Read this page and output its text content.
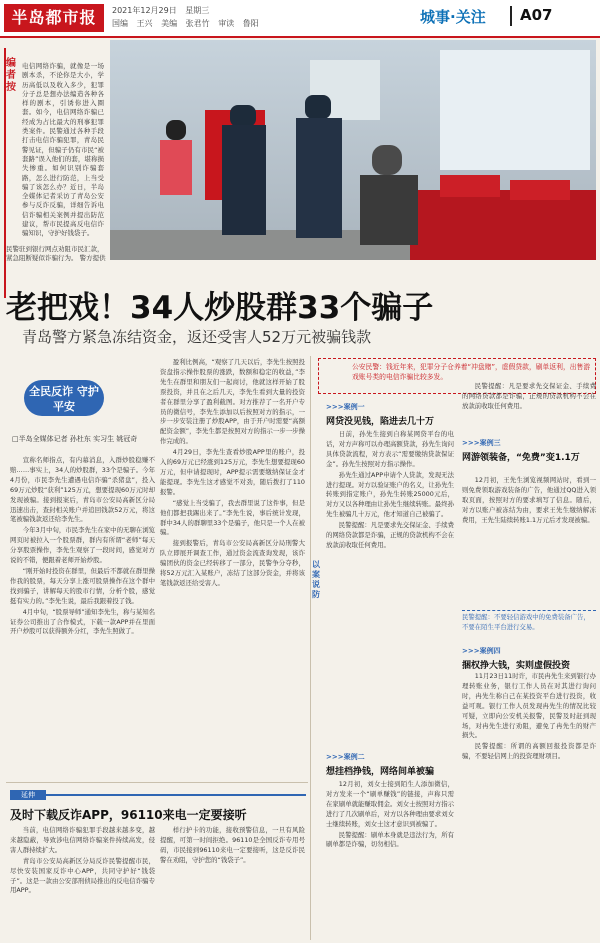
半岛都市报	2021年12月29日 星期三
国编 王兴 美编 张君竹 审读 鲁阳	城事·关注 A07
编者按
电信网络诈骗，就像是一场剧本杀，不论你是大小，学历高低以及收入多少，犯罪分子总是想办法编造各种各样的剧本，引诱你进入圈套。如今，电信网络诈骗已经成为占比最大的刑事犯罪类案件。民警通过各种手段打击电信诈骗犯罪，青岛民警见证，但骗子仍有市民“被套路”误入他们的套，堪称损失惨重。如何识别诈骗套路，怎么进行防范，上当受骗了该怎么办？近日，半岛全媒体记者采访了青岛公安参与反诈反骗，详细告诉电信诈骗相关案例并提出防范建议，帮市民提高反电信诈骗知识，守护好钱袋子。
民警驻到银行网点劝阻市民汇款，紧急阻断疑似诈骗行为。 警方提供
老把戏！34人炒股群33个骗子
青岛警方紧急冻结资金，返还受害人52万元被骗钱款
全民反诈 守护平安
□半岛全媒体记者 孙杜东 实习生 姚冠奇

宣称名师指点，有内幕消息，入群炒股稳赚不赔……事实上，34人的炒股群，33个是骗子。今年4月份，市民李先生遭遇电信诈骗“杀猪盘”，投入69万元炒股“获利”125万元，想要提现60万元时却发现被骗。接到报案后，青岛市公安局高新区分局迅速出击，查封相关账户并追回钱款52万元，将这笔被骗钱款返还给李先生。

今年3月中旬，市民李先生在家中的无聊在浏览网页时被拉入一个股票群，群内有所谓“老师”每天分享股票操作，李先生观察了一段时间，感觉对方说的不错，便跟着老师开始炒股。

“刚开始时投资在群里，但最后不都就在群里操作我的股票，每天分享上涨可股票操作在这个群中找到骗子，讲解每天的股市行情，分析个股，感觉挺有实力的。”李先生说，最后我跟着投了钱。

4月中旬，“股票导师”通知李先生，称与某知名证券公司推出了合作模式，下载一款APP并在里面开户炒股可以获得额外分红，李先生照做了。

盈利比例高，“观察了几天以后，李先生按照投资盘指示操作股票的涨跌，数额和稳定的收益，”李先生在群里和朋友们一起商讨，他就这样开始了股票投资，并且在之后几天，李先生看到大量的投资者在群里分享了盈利截图。对方推荐了一名开户专员的微信号，李先生添加以后按照对方的指示，一步一步安装注册了炒股APP，由于开户时需要“高额配资金额”，李先生都是按照对方的指示一步一步操作完成的。

4月29日，李先生查看炒股APP里的账户，投入的69万元已经涨到125万元，李先生想要提现60万元，但申请提现时，APP提示需要缴纳保证金才能提现。李先生这才感觉不对劲，随后拨打了110报警。

“感觉上当受骗了，我去群里说了这件事，但是他们都把我踢出来了。”李先生说，事后统计发现，群中34人的群聊里33个是骗子，他只是一个人在被骗。

接到报警后，青岛市公安局高新区分局刑警大队立即展开调查工作，通过资金流查询发现，该诈骗团伙的资金已经转移了一部分，民警争分夺秒，将52万元汇入某账户，冻结了这部分资金，并将该笔钱款返还给受害人。

公安民警：钱近年来，犯罪分子仓养着“冲盘赌”，虚假贷款，刷单返利，出售游戏账号类的电信诈骗比较多发。
以案说防
>>>案例一
网贷没见钱，陷进去几十万

日前，孙先生接到自称某网贷平台的电话，对方声称可以办理高额贷款，孙先生询问具体贷款流程，对方表示“需要缴纳贷款保证金”。孙先生按照对方指示操作。

孙先生通过APP申请个人贷款，发现无法进行提现。对方以验证账户的名义，让孙先生转账到指定账户，孙先生转账25000元后，对方又以各种理由让孙先生继续转账。最终孙先生被骗几十万元，他才知道自己被骗了。

民警提醒：凡是要求先交保证金、手续费的网络贷款都是诈骗，正规的贷款机构不会在放款前收取任何费用。

>>>案例二
想挂档挣钱，网络间单被骗

12月初，刘女士接到陌生人添加微信，对方发来一个“刷单赚钱”的链接，声称只需在家刷单就能赚取佣金。刘女士按照对方指示进行了几次刷单后，对方以各种理由要求刘女士继续转账，刘女士这才意识到被骗了。

民警提醒：刷单本身就是违法行为，所有刷单都是诈骗，切勿相信。

民警提醒：凡是要求先交保证金、手续费的网络贷款都是诈骗，正规的贷款机构不会在放款前收取任何费用。

>>>案例三
网游领装备，“免费”变1.1万

12月初，王先生浏览视频网站时，看到一则免费领取游戏装备的广告，他通过QQ进入领取页面，按照对方的要求填写了信息。随后，对方以账户被冻结为由，要求王先生缴纳解冻费用，王先生陆续转账1.1万元后才发现被骗。

民警提醒：不要轻信游戏中的免费装备广告，不要在陌生平台进行交易。
>>>案例四
捆权挣大钱，实则虚假投资

11月23日11时许，市民冉先生来到银行办理转账业务，银行工作人员在对其进行询问时，冉先生称自己在某投资平台进行投资，收益可观。银行工作人员发现冉先生的情况比较可疑，立即向公安机关报警，民警及时赶到现场，对冉先生进行劝阻，避免了冉先生的财产损失。

民警提醒：所谓的高额回报投资都是诈骗，不要轻信网上的投资理财项目。

延伸
及时下载反诈APP，96110来电一定要接听

当前，电信网络诈骗犯罪手段越来越多变，越来越隐蔽，导致涉电信网络诈骗案件持续高发，侵害人群持续扩大。

青岛市公安局高新区分局反诈民警提醒市民，尽快安装国家反诈中心APP，共同守护好“钱袋子”。这是一款由公安部刑侦局推出的反电信诈骗专用APP。

样行护卡的功能，接收预警信息，一旦有风险提醒，可第一时间拒绝。96110是全国反诈专用号码，市民接到96110来电一定要接听，这是反诈民警在劝阻，守护您的“钱袋子”。
